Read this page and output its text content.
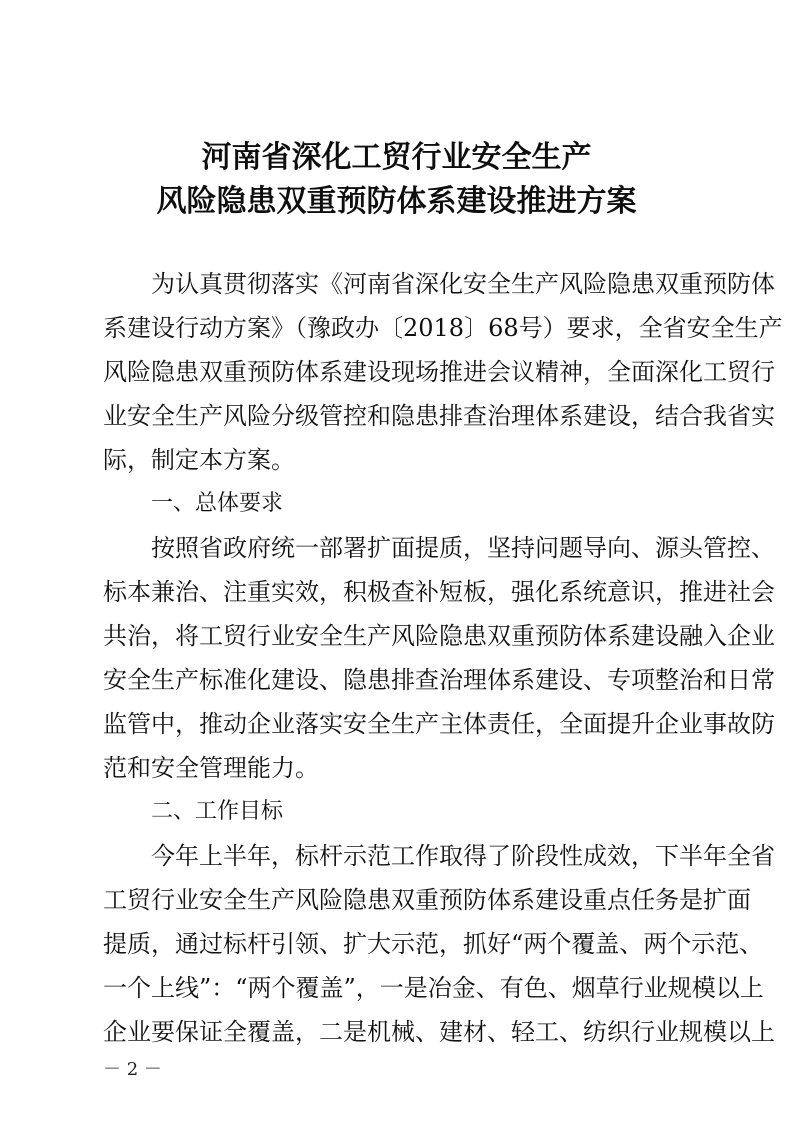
河南省深化工贸行业安全生产
风险隐患双重预防体系建设推进方案
为认真贯彻落实《河南省深化安全生产风险隐患双重预防体
系建设行动方案》（豫政办〔2018〕68号）要求，全省安全生产
风险隐患双重预防体系建设现场推进会议精神，全面深化工贸行
业安全生产风险分级管控和隐患排查治理体系建设，结合我省实
际，制定本方案。
一、总体要求
按照省政府统一部署扩面提质，坚持问题导向、源头管控、
标本兼治、注重实效，积极查补短板，强化系统意识，推进社会
共治，将工贸行业安全生产风险隐患双重预防体系建设融入企业
安全生产标准化建设、隐患排查治理体系建设、专项整治和日常
监管中，推动企业落实安全生产主体责任，全面提升企业事故防
范和安全管理能力。
二、工作目标
今年上半年，标杆示范工作取得了阶段性成效，下半年全省
工贸行业安全生产风险隐患双重预防体系建设重点任务是扩面
提质，通过标杆引领、扩大示范，抓好“两个覆盖、两个示范、
一个上线”：“两个覆盖”，一是冶金、有色、烟草行业规模以上
企业要保证全覆盖，二是机械、建材、轻工、纺织行业规模以上
－ 2 －
